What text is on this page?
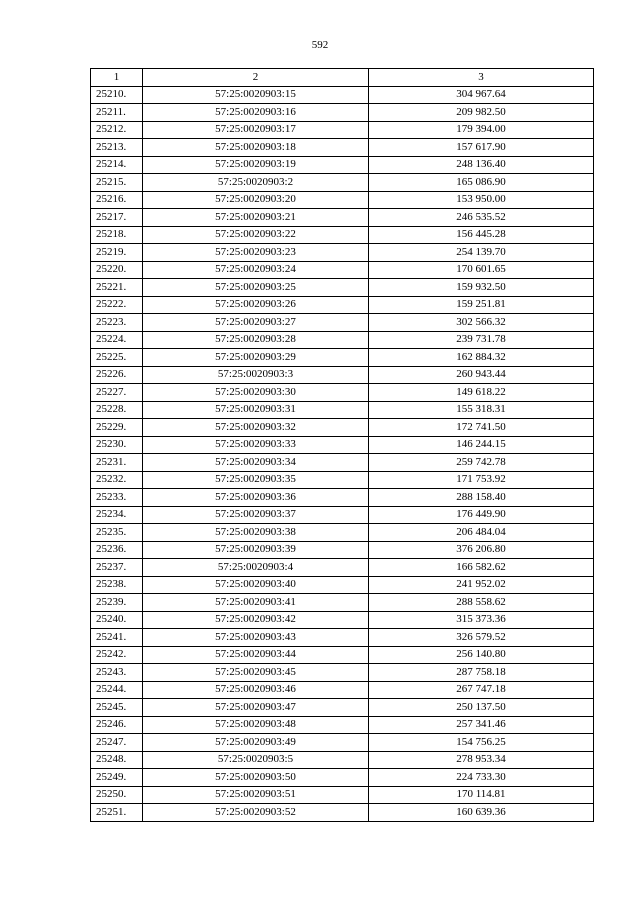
592
1	2	3
25210.	57:25:0020903:15	304 967.64
25211.	57:25:0020903:16	209 982.50
25212.	57:25:0020903:17	179 394.00
25213.	57:25:0020903:18	157 617.90
25214.	57:25:0020903:19	248 136.40
25215.	57:25:0020903:2	165 086.90
25216.	57:25:0020903:20	153 950.00
25217.	57:25:0020903:21	246 535.52
25218.	57:25:0020903:22	156 445.28
25219.	57:25:0020903:23	254 139.70
25220.	57:25:0020903:24	170 601.65
25221.	57:25:0020903:25	159 932.50
25222.	57:25:0020903:26	159 251.81
25223.	57:25:0020903:27	302 566.32
25224.	57:25:0020903:28	239 731.78
25225.	57:25:0020903:29	162 884.32
25226.	57:25:0020903:3	260 943.44
25227.	57:25:0020903:30	149 618.22
25228.	57:25:0020903:31	155 318.31
25229.	57:25:0020903:32	172 741.50
25230.	57:25:0020903:33	146 244.15
25231.	57:25:0020903:34	259 742.78
25232.	57:25:0020903:35	171 753.92
25233.	57:25:0020903:36	288 158.40
25234.	57:25:0020903:37	176 449.90
25235.	57:25:0020903:38	206 484.04
25236.	57:25:0020903:39	376 206.80
25237.	57:25:0020903:4	166 582.62
25238.	57:25:0020903:40	241 952.02
25239.	57:25:0020903:41	288 558.62
25240.	57:25:0020903:42	315 373.36
25241.	57:25:0020903:43	326 579.52
25242.	57:25:0020903:44	256 140.80
25243.	57:25:0020903:45	287 758.18
25244.	57:25:0020903:46	267 747.18
25245.	57:25:0020903:47	250 137.50
25246.	57:25:0020903:48	257 341.46
25247.	57:25:0020903:49	154 756.25
25248.	57:25:0020903:5	278 953.34
25249.	57:25:0020903:50	224 733.30
25250.	57:25:0020903:51	170 114.81
25251.	57:25:0020903:52	160 639.36
